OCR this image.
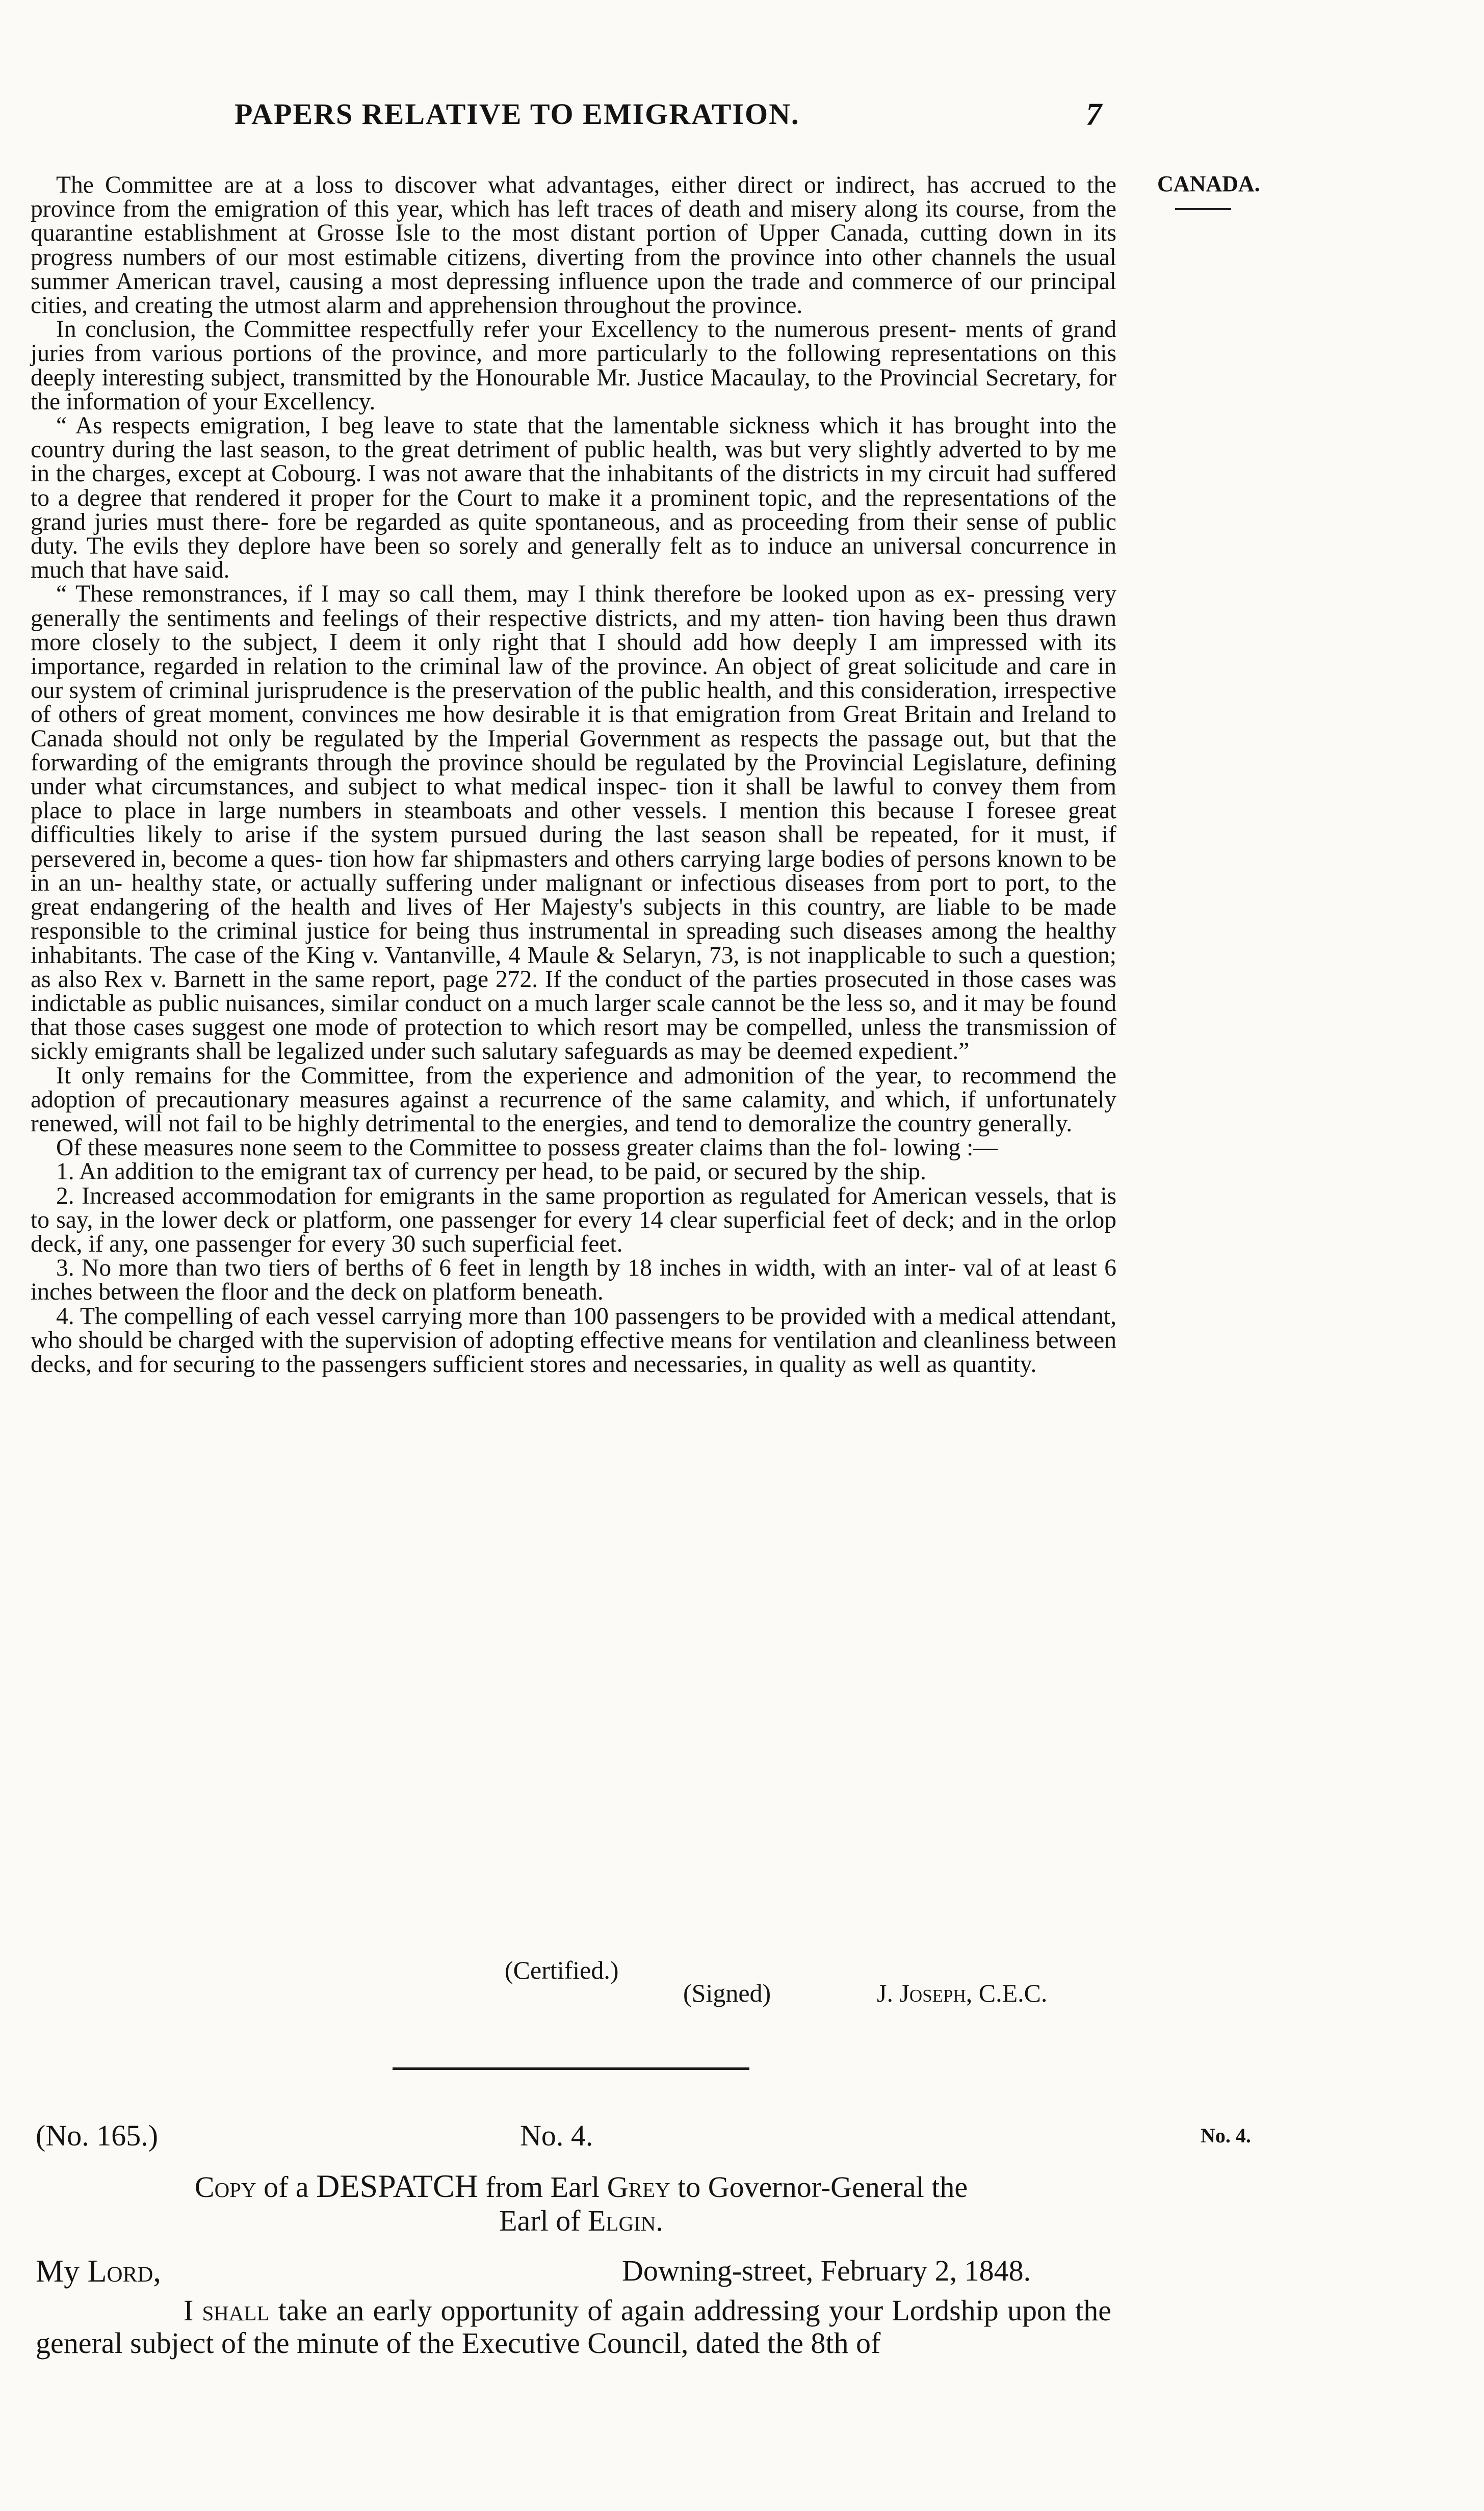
PAPERS RELATIVE TO EMIGRATION.	7
CANADA.

The Committee are at a loss to discover what advantages, either direct or indirect, has accrued to the province from the emigration of this year, which has left traces of death and misery along its course, from the quarantine establishment at Grosse Isle to the most distant portion of Upper Canada, cutting down in its progress numbers of our most estimable citizens, diverting from the province into other channels the usual summer American travel, causing a most depressing influence upon the trade and commerce of our principal cities, and creating the utmost alarm and apprehension throughout the province.

In conclusion, the Committee respectfully refer your Excellency to the numerous present- ments of grand juries from various portions of the province, and more particularly to the following representations on this deeply interesting subject, transmitted by the Honourable Mr. Justice Macaulay, to the Provincial Secretary, for the information of your Excellency.

“ As respects emigration, I beg leave to state that the lamentable sickness which it has brought into the country during the last season, to the great detriment of public health, was but very slightly adverted to by me in the charges, except at Cobourg. I was not aware that the inhabitants of the districts in my circuit had suffered to a degree that rendered it proper for the Court to make it a prominent topic, and the representations of the grand juries must there- fore be regarded as quite spontaneous, and as proceeding from their sense of public duty. The evils they deplore have been so sorely and generally felt as to induce an universal concurrence in much that have said.

“ These remonstrances, if I may so call them, may I think therefore be looked upon as ex- pressing very generally the sentiments and feelings of their respective districts, and my atten- tion having been thus drawn more closely to the subject, I deem it only right that I should add how deeply I am impressed with its importance, regarded in relation to the criminal law of the province. An object of great solicitude and care in our system of criminal jurisprudence is the preservation of the public health, and this consideration, irrespective of others of great moment, convinces me how desirable it is that emigration from Great Britain and Ireland to Canada should not only be regulated by the Imperial Government as respects the passage out, but that the forwarding of the emigrants through the province should be regulated by the Provincial Legislature, defining under what circumstances, and subject to what medical inspec- tion it shall be lawful to convey them from place to place in large numbers in steamboats and other vessels. I mention this because I foresee great difficulties likely to arise if the system pursued during the last season shall be repeated, for it must, if persevered in, become a ques- tion how far shipmasters and others carrying large bodies of persons known to be in an un- healthy state, or actually suffering under malignant or infectious diseases from port to port, to the great endangering of the health and lives of Her Majesty's subjects in this country, are liable to be made responsible to the criminal justice for being thus instrumental in spreading such diseases among the healthy inhabitants. The case of the King v. Vantanville, 4 Maule & Selaryn, 73, is not inapplicable to such a question; as also Rex v. Barnett in the same report, page 272. If the conduct of the parties prosecuted in those cases was indictable as public nuisances, similar conduct on a much larger scale cannot be the less so, and it may be found that those cases suggest one mode of protection to which resort may be compelled, unless the transmission of sickly emigrants shall be legalized under such salutary safeguards as may be deemed expedient.”

It only remains for the Committee, from the experience and admonition of the year, to recommend the adoption of precautionary measures against a recurrence of the same calamity, and which, if unfortunately renewed, will not fail to be highly detrimental to the energies, and tend to demoralize the country generally.

Of these measures none seem to the Committee to possess greater claims than the fol- lowing :—

1. An addition to the emigrant tax of currency per head, to be paid, or secured by the ship.

2. Increased accommodation for emigrants in the same proportion as regulated for American vessels, that is to say, in the lower deck or platform, one passenger for every 14 clear superficial feet of deck; and in the orlop deck, if any, one passenger for every 30 such superficial feet.

3. No more than two tiers of berths of 6 feet in length by 18 inches in width, with an inter- val of at least 6 inches between the floor and the deck on platform beneath.

4. The compelling of each vessel carrying more than 100 passengers to be provided with a medical attendant, who should be charged with the supervision of adopting effective means for ventilation and cleanliness between decks, and for securing to the passengers sufficient stores and necessaries, in quality as well as quantity.

(Certified.)
(Signed)	J. Joseph, C.E.C.
(No. 165.)	No. 4.	No. 4.
Copy of a DESPATCH from Earl Grey to Governor-General the
Earl of Elgin.
My Lord,	Downing-street, February 2, 1848.

I shall take an early opportunity of again addressing your Lordship upon the general subject of the minute of the Executive Council, dated the 8th of
